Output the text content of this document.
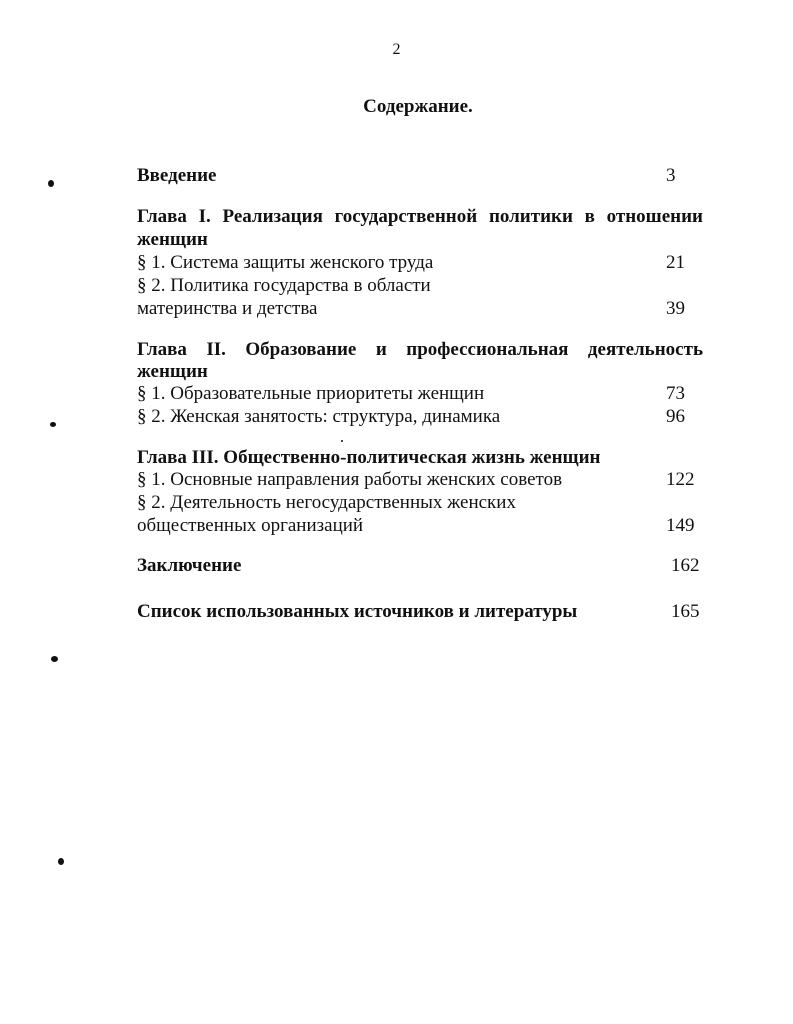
2
Содержание.
Введение	3
Глава I. Реализация государственной политики в отношении
женщин
§ 1. Система защиты женского труда	21
§ 2. Политика государства в области
материнства и детства	39
Глава II. Образование и профессиональная деятельность
женщин
§ 1. Образовательные приоритеты женщин	73
§ 2. Женская занятость: структура, динамика	96
Глава III. Общественно-политическая жизнь женщин
§ 1. Основные направления работы женских советов	122
§ 2. Деятельность негосударственных женских
общественных организаций	149
Заключение	162
Список использованных источников и литературы	165
